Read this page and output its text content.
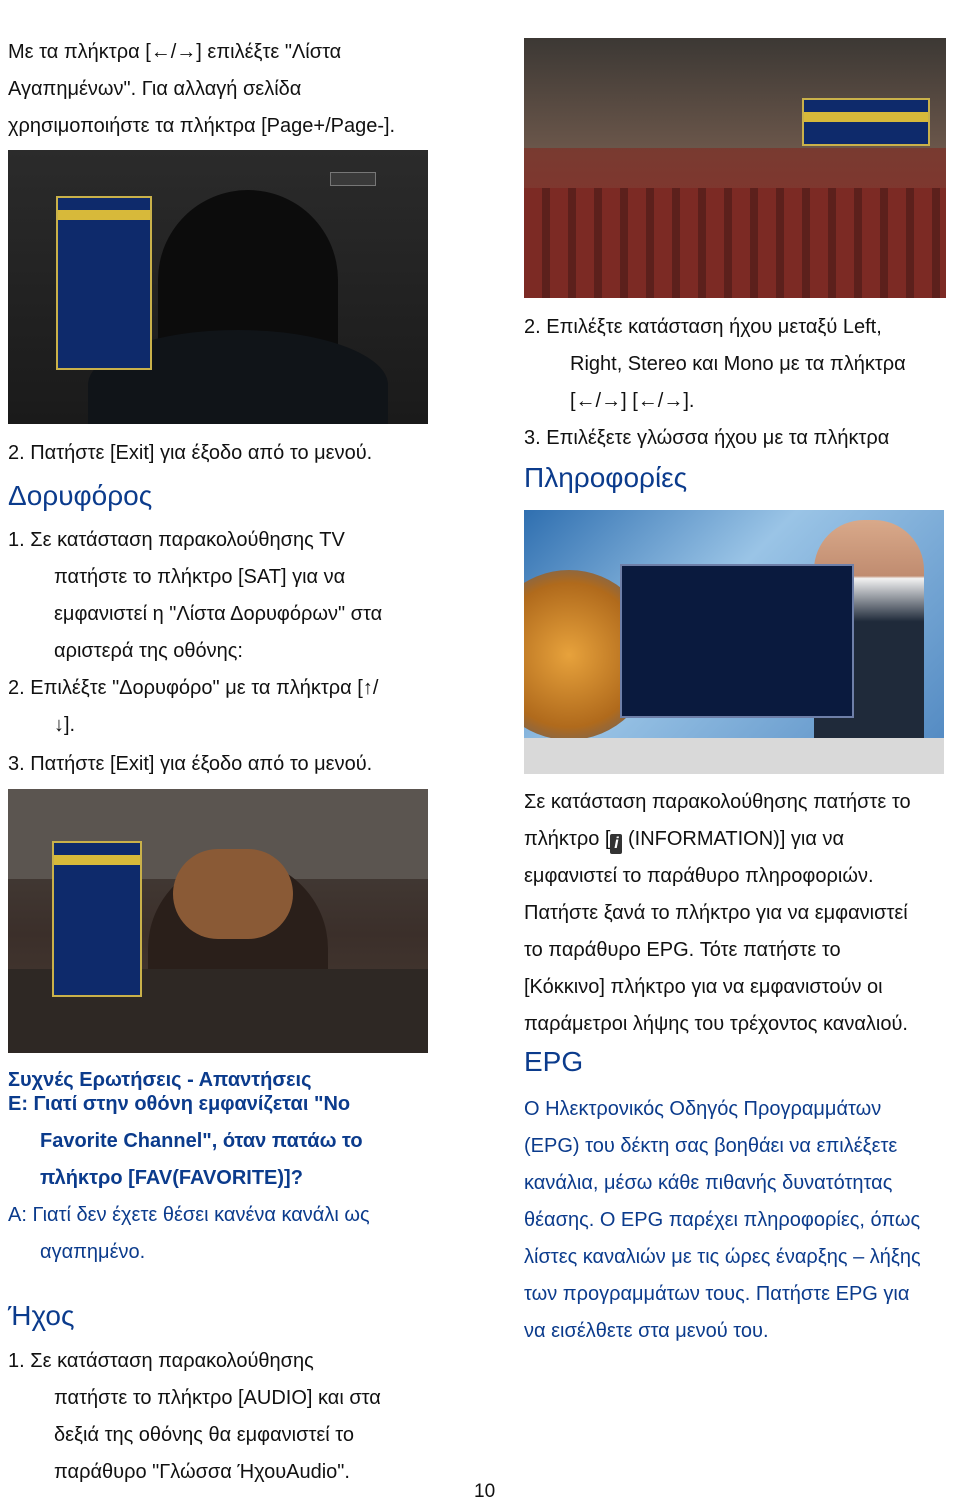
Με τα πλήκτρα [←/→] επιλέξτε "Λίστα
Αγαπημένων". Για αλλαγή σελίδα
χρησιμοποιήστε τα πλήκτρα [Page+/Page-].
2. Πατήστε [Exit] για έξοδο από το μενού.
Δορυφόρος
1. Σε κατάσταση παρακολούθησης TV
πατήστε το πλήκτρο [SAT] για να
εμφανιστεί η "Λίστα Δορυφόρων" στα
αριστερά της οθόνης:
2. Επιλέξτε "Δορυφόρο" με τα πλήκτρα [↑/
↓].
3. Πατήστε [Exit] για έξοδο από το μενού.
Συχνές Ερωτήσεις - Απαντήσεις
Ε: Γιατί στην οθόνη εμφανίζεται "No
Favorite Channel", όταν πατάω το
πλήκτρο [FAV(FAVORITE)]?
Α: Γιατί δεν έχετε θέσει κανένα κανάλι ως
αγαπημένο.
Ήχος
1. Σε κατάσταση παρακολούθησης
πατήστε το πλήκτρο [AUDIO] και στα
δεξιά της οθόνης θα εμφανιστεί το
παράθυρο "Γλώσσα ΉχουAudio".
2. Επιλέξτε κατάσταση ήχου μεταξύ Left,
Right, Stereo και Mono με τα πλήκτρα
[←/→] [←/→].
3. Επιλέξετε γλώσσα ήχου με τα πλήκτρα
Πληροφορίες
Σε κατάσταση παρακολούθησης πατήστε το
πλήκτρο [ i (INFORMATION)] για να
εμφανιστεί το παράθυρο πληροφοριών.
Πατήστε ξανά το πλήκτρο για να εμφανιστεί
το παράθυρο EPG. Τότε πατήστε το
[Κόκκινο] πλήκτρο για να εμφανιστούν οι
παράμετροι λήψης του τρέχοντος καναλιού.
EPG
Ο Ηλεκτρονικός Οδηγός Προγραμμάτων
(EPG) του δέκτη σας βοηθάει να επιλέξετε
κανάλια, μέσω κάθε πιθανής δυνατότητας
θέασης. Ο EPG παρέχει πληροφορίες, όπως
λίστες καναλιών με τις ώρες έναρξης – λήξης
των προγραμμάτων τους. Πατήστε EPG για
να εισέλθετε στα μενού του.
10
